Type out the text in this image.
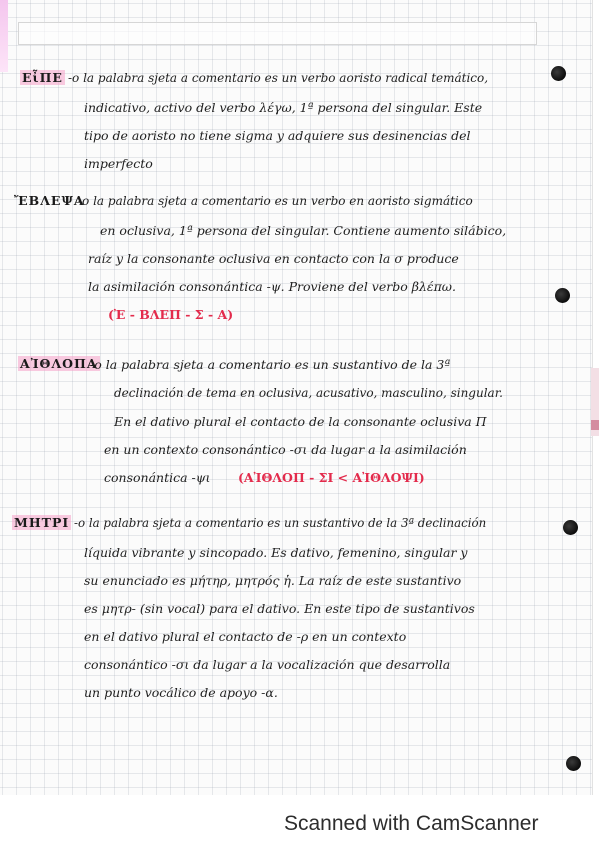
ΕἶΠΕ -o la palabra sjeta a comentario es un verbo aoristo radical temático,
indicativo, activo del verbo λέγω, 1ª persona del singular. Este
tipo de aoristo no tiene sigma y adquiere sus desinencias del
imperfecto
ἜΒΛΕΨΑ
-o la palabra sjeta a comentario es un verbo en aoristo sigmático
en oclusiva, 1ª persona del singular. Contiene aumento silábico,
raíz y la consonante oclusiva en contacto con la σ produce
la asimilación consonántica -ψ. Proviene del verbo βλέπω.
(Ἐ - ΒΛΕΠ - Σ - Α)
ΑἸΘΛΟΠΑ
-o la palabra sjeta a comentario es un sustantivo de la 3ª
declinación de tema en oclusiva, acusativo, masculino, singular.
En el dativo plural el contacto de la consonante oclusiva Π
en un contexto consonántico -σι da lugar a la asimilación
consonántica -ψι (ΑἸΘΛΟΠ - ΣΙ < ΑἸΘΛΟΨΙ)
ΜΗΤΡΙ -o la palabra sjeta a comentario es un sustantivo de la 3ª declinación
líquida vibrante y sincopado. Es dativo, femenino, singular y
su enunciado es μήτηρ, μητρός ἡ. La raíz de este sustantivo
es μητρ- (sin vocal) para el dativo. En este tipo de sustantivos
en el dativo plural el contacto de -ρ en un contexto
consonántico -σι da lugar a la vocalización que desarrolla
un punto vocálico de apoyo -α.
Scanned with CamScanner
